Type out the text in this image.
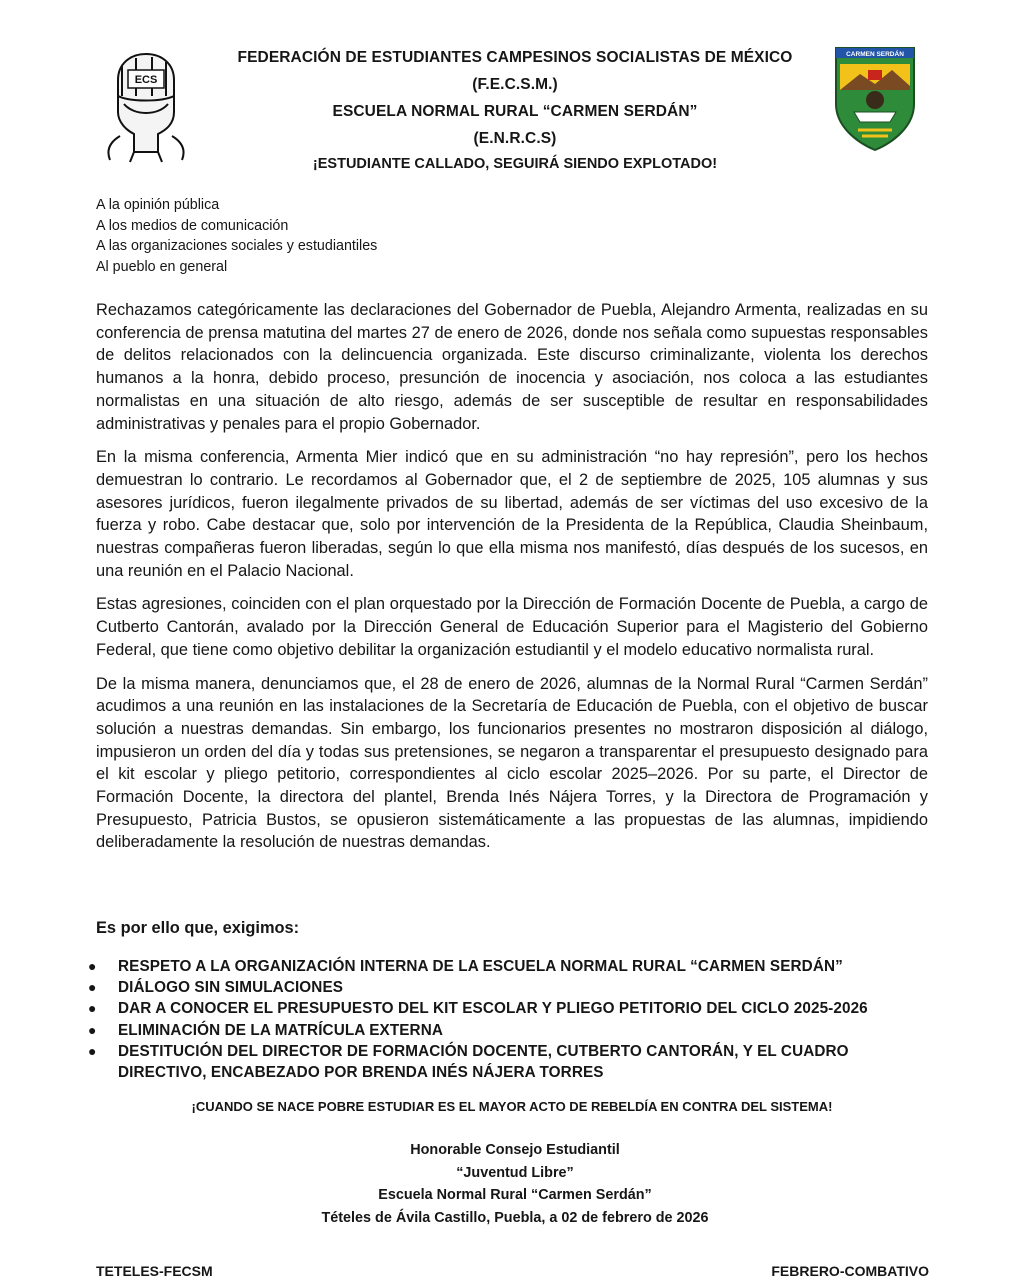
ECS
FEDERACIÓN DE ESTUDIANTES CAMPESINOS SOCIALISTAS DE MÉXICO
(F.E.C.S.M.)
ESCUELA NORMAL RURAL “CARMEN SERDÁN”
(E.N.R.C.S)
¡ESTUDIANTE CALLADO, SEGUIRÁ SIENDO EXPLOTADO!
CARMEN SERDÁN
A la opinión pública
A los medios de comunicación
A las organizaciones sociales y estudiantiles
Al pueblo en general

Rechazamos categóricamente las declaraciones del Gobernador de Puebla, Alejandro Armenta, realizadas en su conferencia de prensa matutina del martes 27 de enero de 2026, donde nos señala como supuestas responsables de delitos relacionados con la delincuencia organizada. Este discurso criminalizante, violenta los derechos humanos a la honra, debido proceso, presunción de inocencia y asociación, nos coloca a las estudiantes normalistas en una situación de alto riesgo, además de ser susceptible de resultar en responsabilidades administrativas y penales para el propio Gobernador.

En la misma conferencia, Armenta Mier indicó que en su administración “no hay represión”, pero los hechos demuestran lo contrario. Le recordamos al Gobernador que, el 2 de septiembre de 2025, 105 alumnas y sus asesores jurídicos, fueron ilegalmente privados de su libertad, además de ser víctimas del uso excesivo de la fuerza y robo. Cabe destacar que, solo por intervención de la Presidenta de la República, Claudia Sheinbaum, nuestras compañeras fueron liberadas, según lo que ella misma nos manifestó, días después de los sucesos, en una reunión en el Palacio Nacional.

Estas agresiones, coinciden con el plan orquestado por la Dirección de Formación Docente de Puebla, a cargo de Cutberto Cantorán, avalado por la Dirección General de Educación Superior para el Magisterio del Gobierno Federal, que tiene como objetivo debilitar la organización estudiantil y el modelo educativo normalista rural.

De la misma manera, denunciamos que, el 28 de enero de 2026, alumnas de la Normal Rural “Carmen Serdán” acudimos a una reunión en las instalaciones de la Secretaría de Educación de Puebla, con el objetivo de buscar solución a nuestras demandas. Sin embargo, los funcionarios presentes no mostraron disposición al diálogo, impusieron un orden del día y todas sus pretensiones, se negaron a transparentar el presupuesto designado para el kit escolar y pliego petitorio, correspondientes al ciclo escolar 2025–2026. Por su parte, el Director de Formación Docente, la directora del plantel, Brenda Inés Nájera Torres, y la Directora de Programación y Presupuesto, Patricia Bustos, se opusieron sistemáticamente a las propuestas de las alumnas, impidiendo deliberadamente la resolución de nuestras demandas.

Es por ello que, exigimos:
●	RESPETO A LA ORGANIZACIÓN INTERNA DE LA ESCUELA NORMAL RURAL “CARMEN SERDÁN”
●	DIÁLOGO SIN SIMULACIONES
●	DAR A CONOCER EL PRESUPUESTO DEL KIT ESCOLAR Y PLIEGO PETITORIO DEL CICLO 2025-2026
●	ELIMINACIÓN DE LA MATRÍCULA EXTERNA
●	DESTITUCIÓN DEL DIRECTOR DE FORMACIÓN DOCENTE, CUTBERTO CANTORÁN, Y EL CUADRO DIRECTIVO, ENCABEZADO POR BRENDA INÉS NÁJERA TORRES
¡CUANDO SE NACE POBRE ESTUDIAR ES EL MAYOR ACTO DE REBELDÍA EN CONTRA DEL SISTEMA!
Honorable Consejo Estudiantil
“Juventud Libre”
Escuela Normal Rural “Carmen Serdán”
Tételes de Ávila Castillo, Puebla, a 02 de febrero de 2026
TETELES-FECSM	FEBRERO-COMBATIVO
